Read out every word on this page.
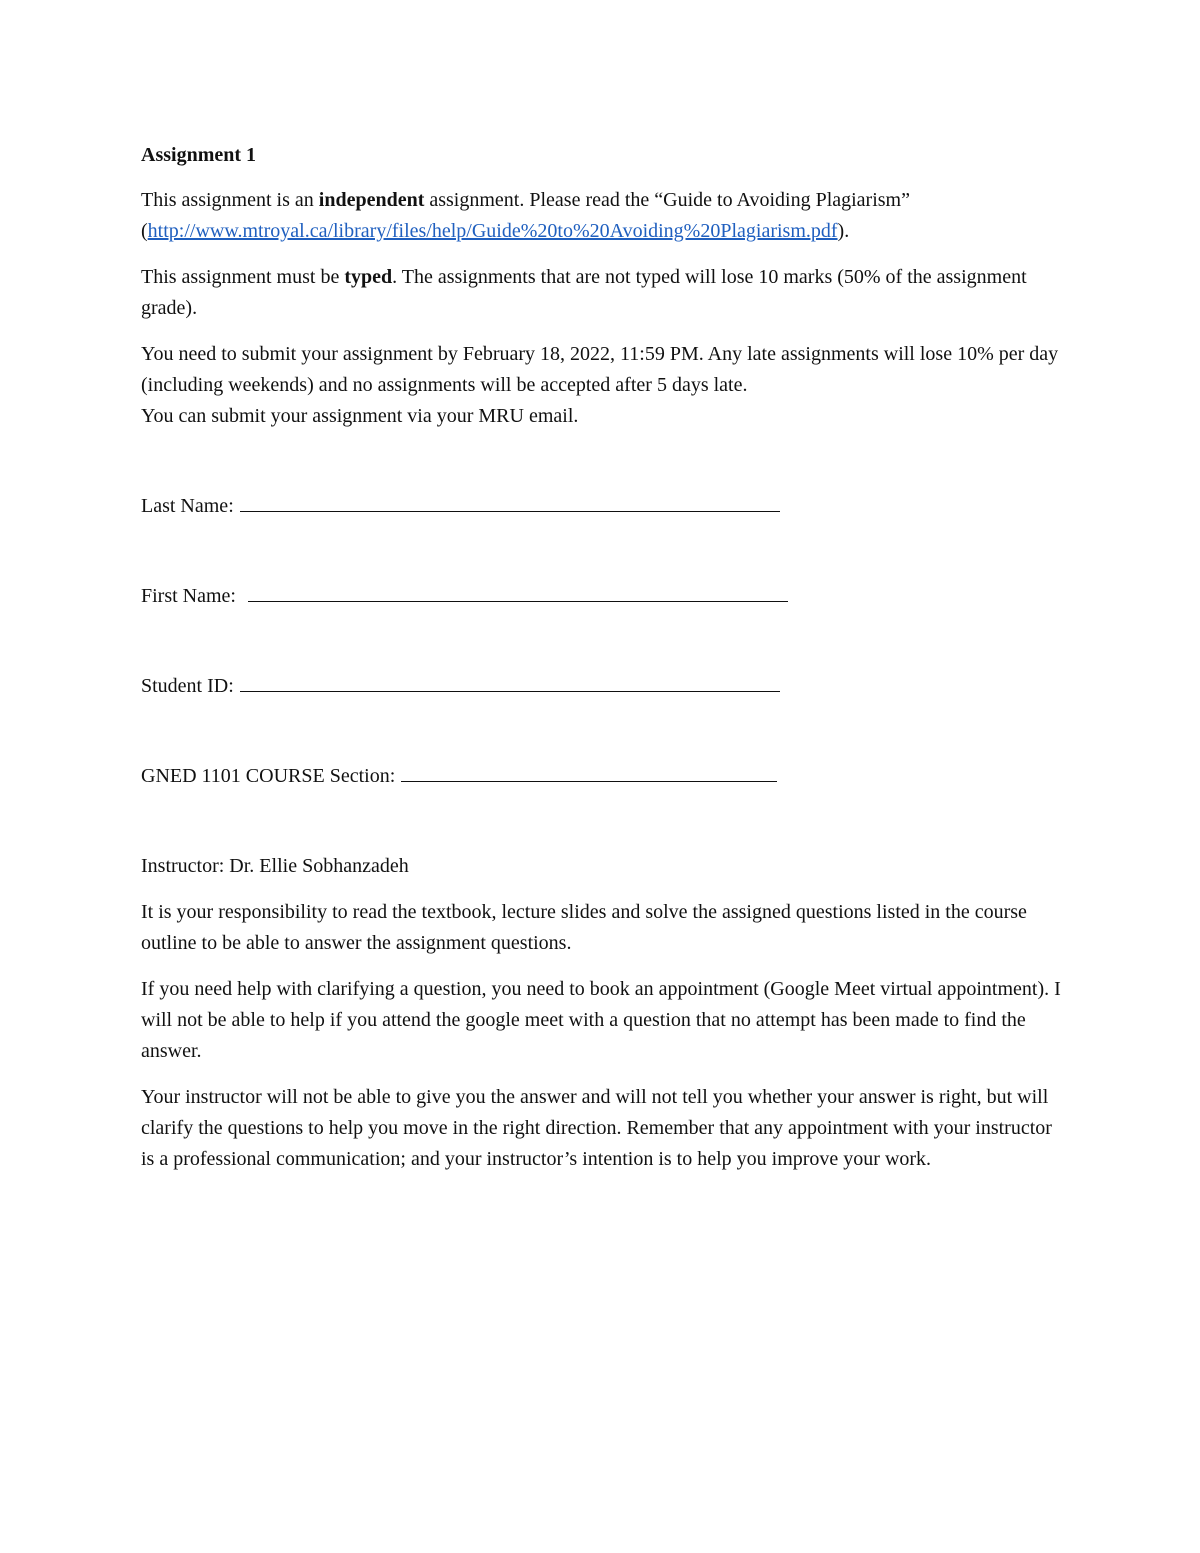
Assignment 1

This assignment is an independent assignment. Please read the “Guide to Avoiding Plagiarism” (http://www.mtroyal.ca/library/files/help/Guide%20to%20Avoiding%20Plagiarism.pdf).

This assignment must be typed. The assignments that are not typed will lose 10 marks (50% of the assignment grade).

You need to submit your assignment by February 18, 2022, 11:59 PM. Any late assignments will lose 10% per day (including weekends) and no assignments will be accepted after 5 days late.
You can submit your assignment via your MRU email.

Last Name:
First Name:
Student ID:
GNED 1101 COURSE Section:

Instructor: Dr. Ellie Sobhanzadeh

It is your responsibility to read the textbook, lecture slides and solve the assigned questions listed in the course outline to be able to answer the assignment questions.

If you need help with clarifying a question, you need to book an appointment (Google Meet virtual appointment). I will not be able to help if you attend the google meet with a question that no attempt has been made to find the answer.

Your instructor will not be able to give you the answer and will not tell you whether your answer is right, but will clarify the questions to help you move in the right direction. Remember that any appointment with your instructor is a professional communication; and your instructor’s intention is to help you improve your work.
